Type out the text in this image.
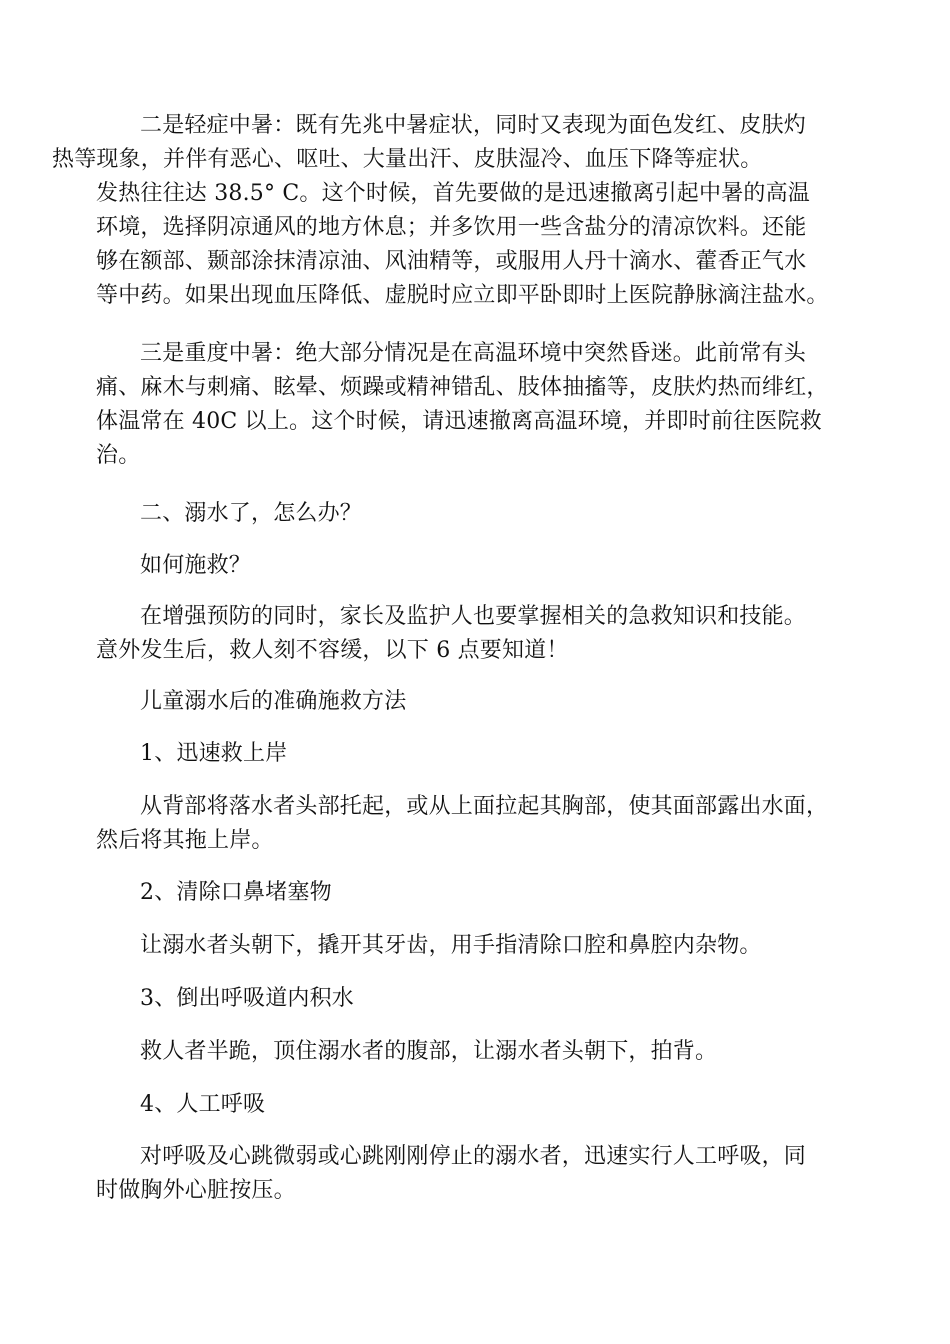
二是轻症中暑：既有先兆中暑症状，同时又表现为面色发红、皮肤灼
热等现象，并伴有恶心、呕吐、大量出汗、皮肤湿冷、血压下降等症状。
发热往往达 38.5° C。这个时候，首先要做的是迅速撤离引起中暑的高温
环境，选择阴凉通风的地方休息；并多饮用一些含盐分的清凉饮料。还能
够在额部、颞部涂抹清凉油、风油精等，或服用人丹十滴水、藿香正气水
等中药。如果出现血压降低、虚脱时应立即平卧即时上医院静脉滴注盐水。

三是重度中暑：绝大部分情况是在高温环境中突然昏迷。此前常有头
痛、麻木与刺痛、眩晕、烦躁或精神错乱、肢体抽搐等，皮肤灼热而绯红，
体温常在 40C 以上。这个时候，请迅速撤离高温环境，并即时前往医院救
治。

二、溺水了，怎么办？

如何施救？

在增强预防的同时，家长及监护人也要掌握相关的急救知识和技能。
意外发生后，救人刻不容缓，以下 6 点要知道！

儿童溺水后的准确施救方法

1、迅速救上岸

从背部将落水者头部托起，或从上面拉起其胸部，使其面部露出水面，
然后将其拖上岸。

2、清除口鼻堵塞物

让溺水者头朝下，撬开其牙齿，用手指清除口腔和鼻腔内杂物。

3、倒出呼吸道内积水

救人者半跪，顶住溺水者的腹部，让溺水者头朝下，拍背。

4、人工呼吸

对呼吸及心跳微弱或心跳刚刚停止的溺水者，迅速实行人工呼吸，同
时做胸外心脏按压。
